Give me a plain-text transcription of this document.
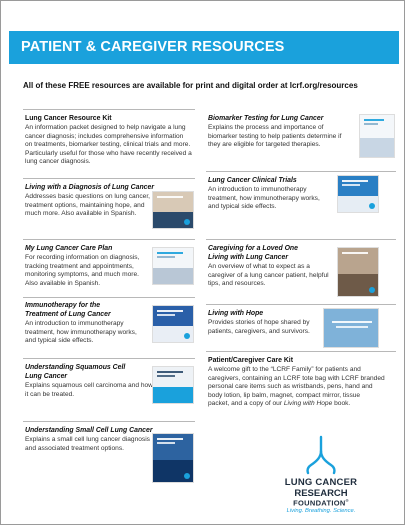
PATIENT & CAREGIVER RESOURCES
All of these FREE resources are available for print and digital order at lcrf.org/resources
Lung Cancer Resource Kit
An information packet designed to help navigate a lung
cancer diagnosis; includes comprehensive information
on treatments, biomarker testing, clinical trials and more.
Particularly useful for those who have recently received a
lung cancer diagnosis.
Living with a Diagnosis of Lung Cancer
Addresses basic questions on lung cancer,
treatment options, maintaining hope, and
much more. Also available in Spanish.
My Lung Cancer Care Plan
For recording information on diagnosis,
tracking treatment and appointments,
monitoring symptoms, and much more.
Also available in Spanish.
Immunotherapy for the
Treatment of Lung Cancer
An introduction to immunotherapy
treatment, how immunotherapy works,
and typical side effects.
Understanding Squamous Cell
Lung Cancer
Explains squamous cell carcinoma and how
it can be treated.
Understanding Small Cell Lung Cancer
Explains a small cell lung cancer diagnosis
and associated treatment options.
Biomarker Testing for Lung Cancer
Explains the process and importance of
biomarker testing to help patients determine if
they are eligible for targeted therapies.
Lung Cancer Clinical Trials
An introduction to immunotherapy
treatment, how immunotherapy works,
and typical side effects.
Caregiving for a Loved One
Living with Lung Cancer
An overview of what to expect as a
caregiver of a lung cancer patient, helpful
tips, and resources.
Living with Hope
Provides stories of hope shared by
patients, caregivers, and survivors.
Patient/Caregiver Care Kit
A welcome gift to the “LCRF Family” for patients and
caregivers, containing an LCRF tote bag with LCRF branded
personal care items such as wristbands, pens, hand and
body lotion, lip balm, magnet, compact mirror, tissue
packet, and a copy of our Living with Hope book.
LUNG CANCER
RESEARCH
FOUNDATION®
Living. Breathing. Science.
